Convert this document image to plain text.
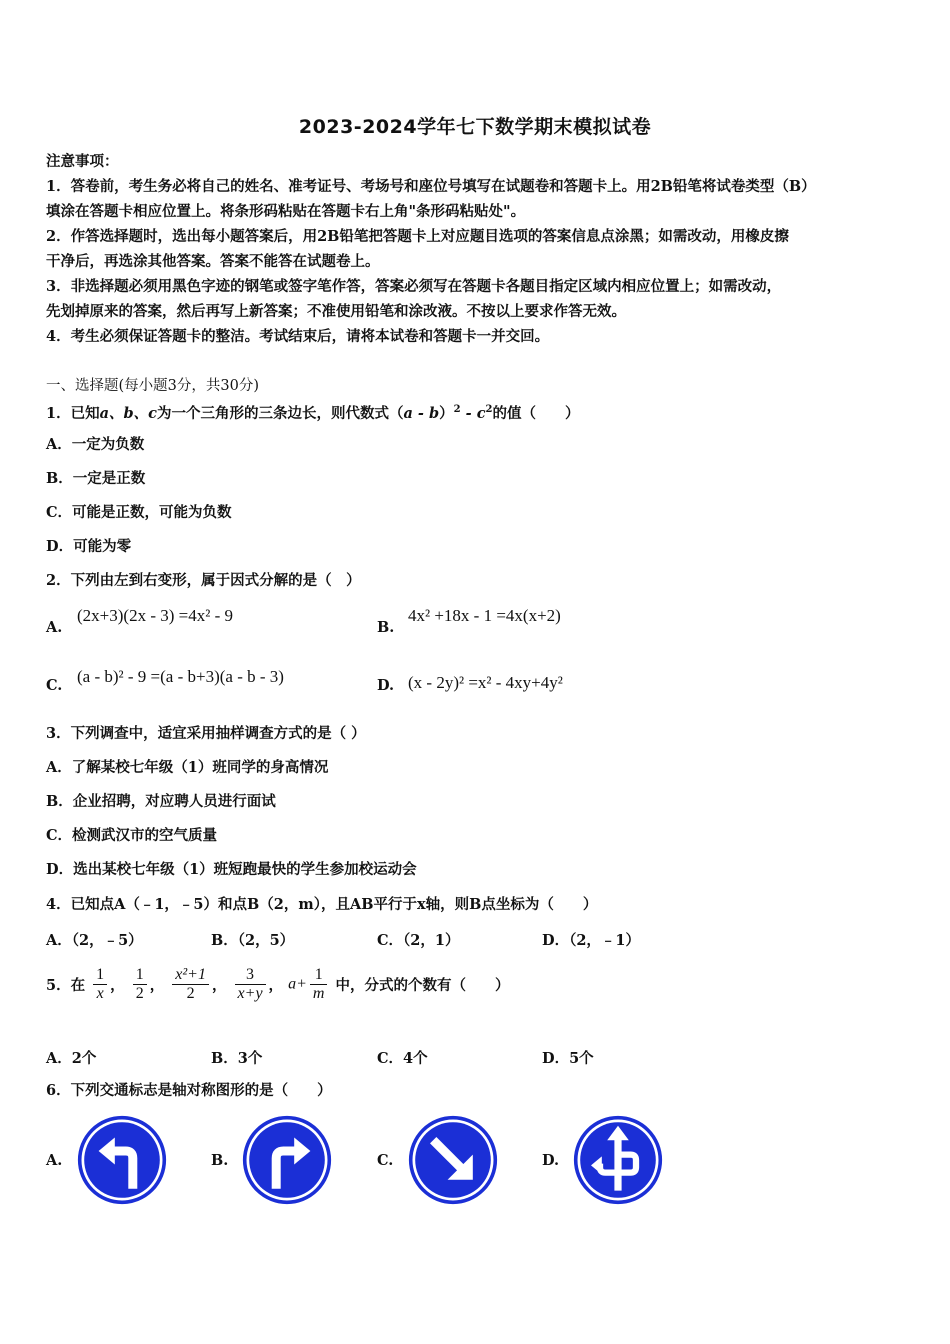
2023-2024学年七下数学期末模拟试卷
注意事项：
1．答卷前，考生务必将自己的姓名、准考证号、考场号和座位号填写在试题卷和答题卡上。用2B铅笔将试卷类型（B）
填涂在答题卡相应位置上。将条形码粘贴在答题卡右上角"条形码粘贴处"。
2．作答选择题时，选出每小题答案后，用2B铅笔把答题卡上对应题目选项的答案信息点涂黑；如需改动，用橡皮擦
干净后，再选涂其他答案。答案不能答在试题卷上。
3．非选择题必须用黑色字迹的钢笔或签字笔作答，答案必须写在答题卡各题目指定区域内相应位置上；如需改动，
先划掉原来的答案，然后再写上新答案；不准使用铅笔和涂改液。不按以上要求作答无效。
4．考生必须保证答题卡的整洁。考试结束后，请将本试卷和答题卡一并交回。
一、选择题(每小题3分，共30分)
1．已知a、b、c为一个三角形的三条边长，则代数式$(a - b)^2 - c^2$的值（　　）
A．一定为负数
B．一定是正数
C．可能是正数，可能为负数
D．可能为零
2．下列由左到右变形，属于因式分解的是（　）
A.
(2x+3)(2x - 3) =4x² - 9
B.
4x² +18x - 1 =4x(x+2)
C. (a - b)² - 9 =(a - b+3)(a - b - 3)	D. (x - 2y)² =x² - 4xy+4y²
3．下列调查中，适宜采用抽样调查方式的是（ ）
A．了解某校七年级（1）班同学的身高情况
B．企业招聘，对应聘人员进行面试
C．检测武汉市的空气质量
D．选出某校七年级（1）班短跑最快的学生参加校运动会
4．已知点A（﹣1，﹣5）和点B（2，m），且AB平行于x轴，则B点坐标为（　　）
A．（2，﹣5）	B．（2，5）	C．（2，1）	D．（2，﹣1）
5．在 $\frac{1}{x}$ ， $\frac{1}{2}$ ， $\frac{\text{x²+1}}{2}$ ， $\frac{3}{x+y}$ ， $a+ \frac{1}{m}$ 中，分式的个数有（　　）
A．2个	B．3个	C．4个	D．5个
6．下列交通标志是轴对称图形的是（　　）
A.	B.	C.	D.
